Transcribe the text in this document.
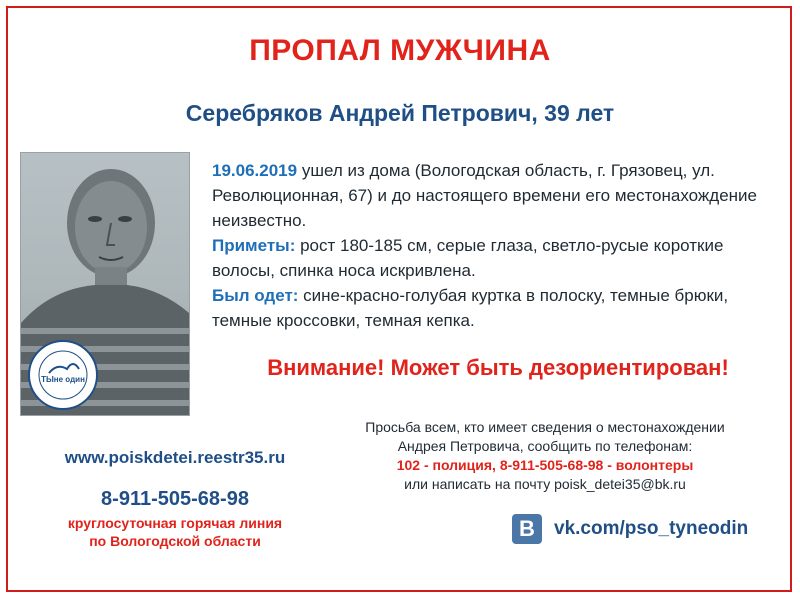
ПРОПАЛ МУЖЧИНА
Серебряков Андрей Петрович, 39 лет
ТЫне один
19.06.2019 ушел из дома (Вологодская область, г. Грязовец, ул. Революционная, 67) и до настоящего времени его местонахождение неизвестно.
Приметы: рост 180-185 см, серые глаза, светло-русые короткие волосы, спинка носа искривлена.
Был одет: сине-красно-голубая куртка в полоску, темные брюки, темные кроссовки, темная кепка.
Внимание! Может быть дезориентирован!
Просьба всем, кто имеет сведения о местонахождении
Андрея Петровича, сообщить по телефонам:
102 - полиция, 8-911-505-68-98 - волонтеры
или написать на почту poisk_detei35@bk.ru
www.poiskdetei.reestr35.ru
8-911-505-68-98
круглосуточная горячая линия
по Вологодской области	В	vk.com/pso_tyneodin
